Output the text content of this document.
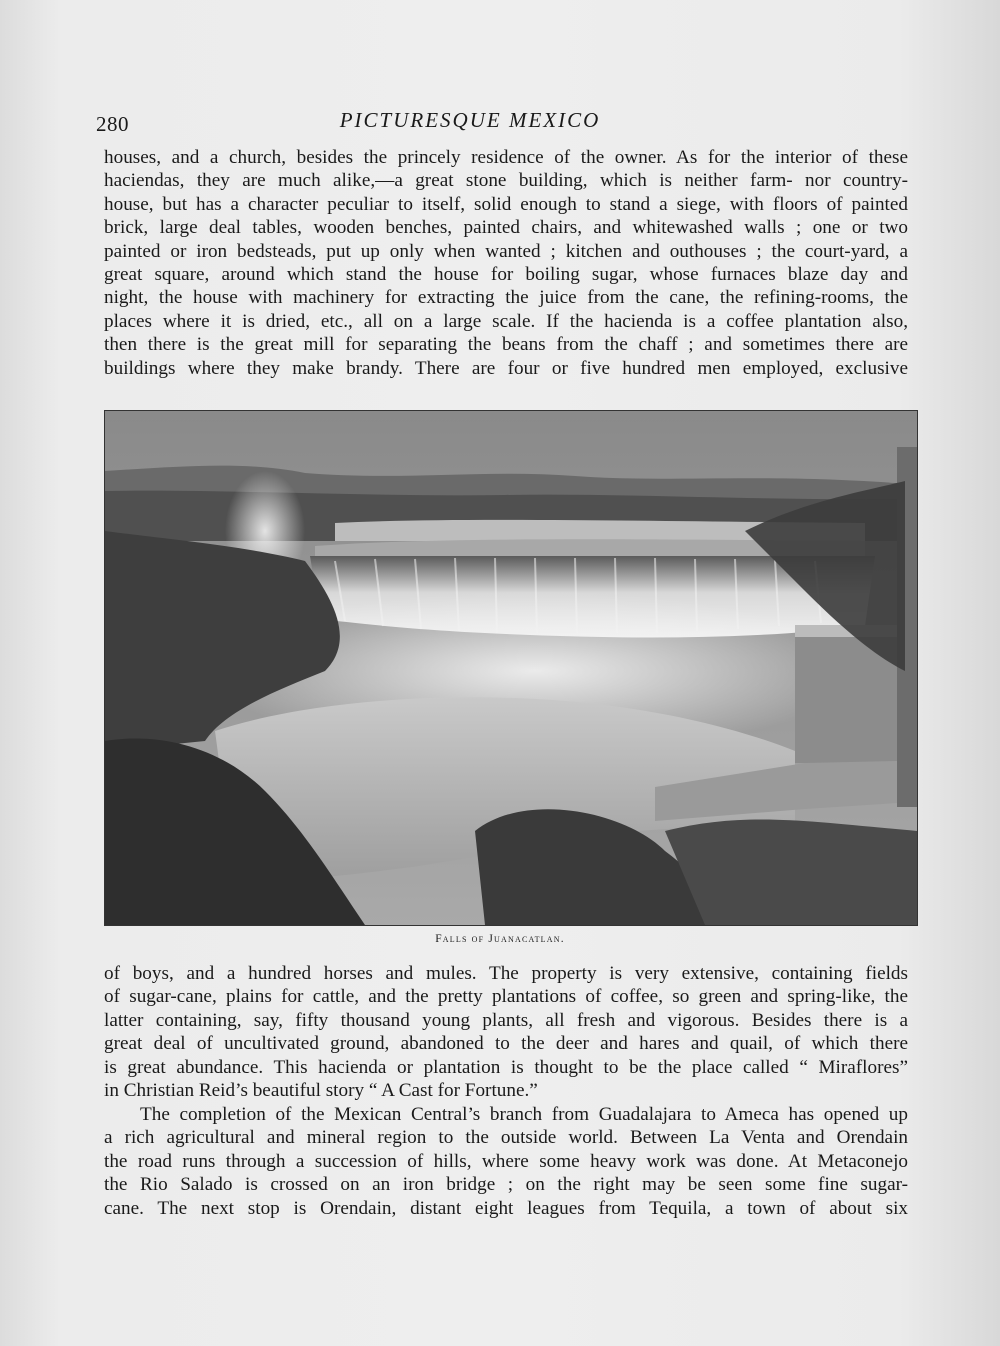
280	PICTURESQUE MEXICO
houses, and a church, besides the princely residence of the owner. As for the interior of these
haciendas, they are much alike,—a great stone building, which is neither farm- nor country-
house, but has a character peculiar to itself, solid enough to stand a siege, with floors of painted
brick, large deal tables, wooden benches, painted chairs, and whitewashed walls ; one or two
painted or iron bedsteads, put up only when wanted ; kitchen and outhouses ; the court-yard, a
great square, around which stand the house for boiling sugar, whose furnaces blaze day and
night, the house with machinery for extracting the juice from the cane, the refining-rooms, the
places where it is dried, etc., all on a large scale. If the hacienda is a coffee plantation also,
then there is the great mill for separating the beans from the chaff ; and sometimes there are
buildings where they make brandy. There are four or five hundred men employed, exclusive
Falls of Juanacatlan.
of boys, and a hundred horses and mules. The property is very extensive, containing fields
of sugar-cane, plains for cattle, and the pretty plantations of coffee, so green and spring-like, the
latter containing, say, fifty thousand young plants, all fresh and vigorous. Besides there is a
great deal of uncultivated ground, abandoned to the deer and hares and quail, of which there
is great abundance. This hacienda or plantation is thought to be the place called “ Miraflores”
in Christian Reid’s beautiful story “ A Cast for Fortune.”
The completion of the Mexican Central’s branch from Guadalajara to Ameca has opened up
a rich agricultural and mineral region to the outside world. Between La Venta and Orendain
the road runs through a succession of hills, where some heavy work was done. At Metaconejo
the Rio Salado is crossed on an iron bridge ; on the right may be seen some fine sugar-
cane. The next stop is Orendain, distant eight leagues from Tequila, a town of about six
